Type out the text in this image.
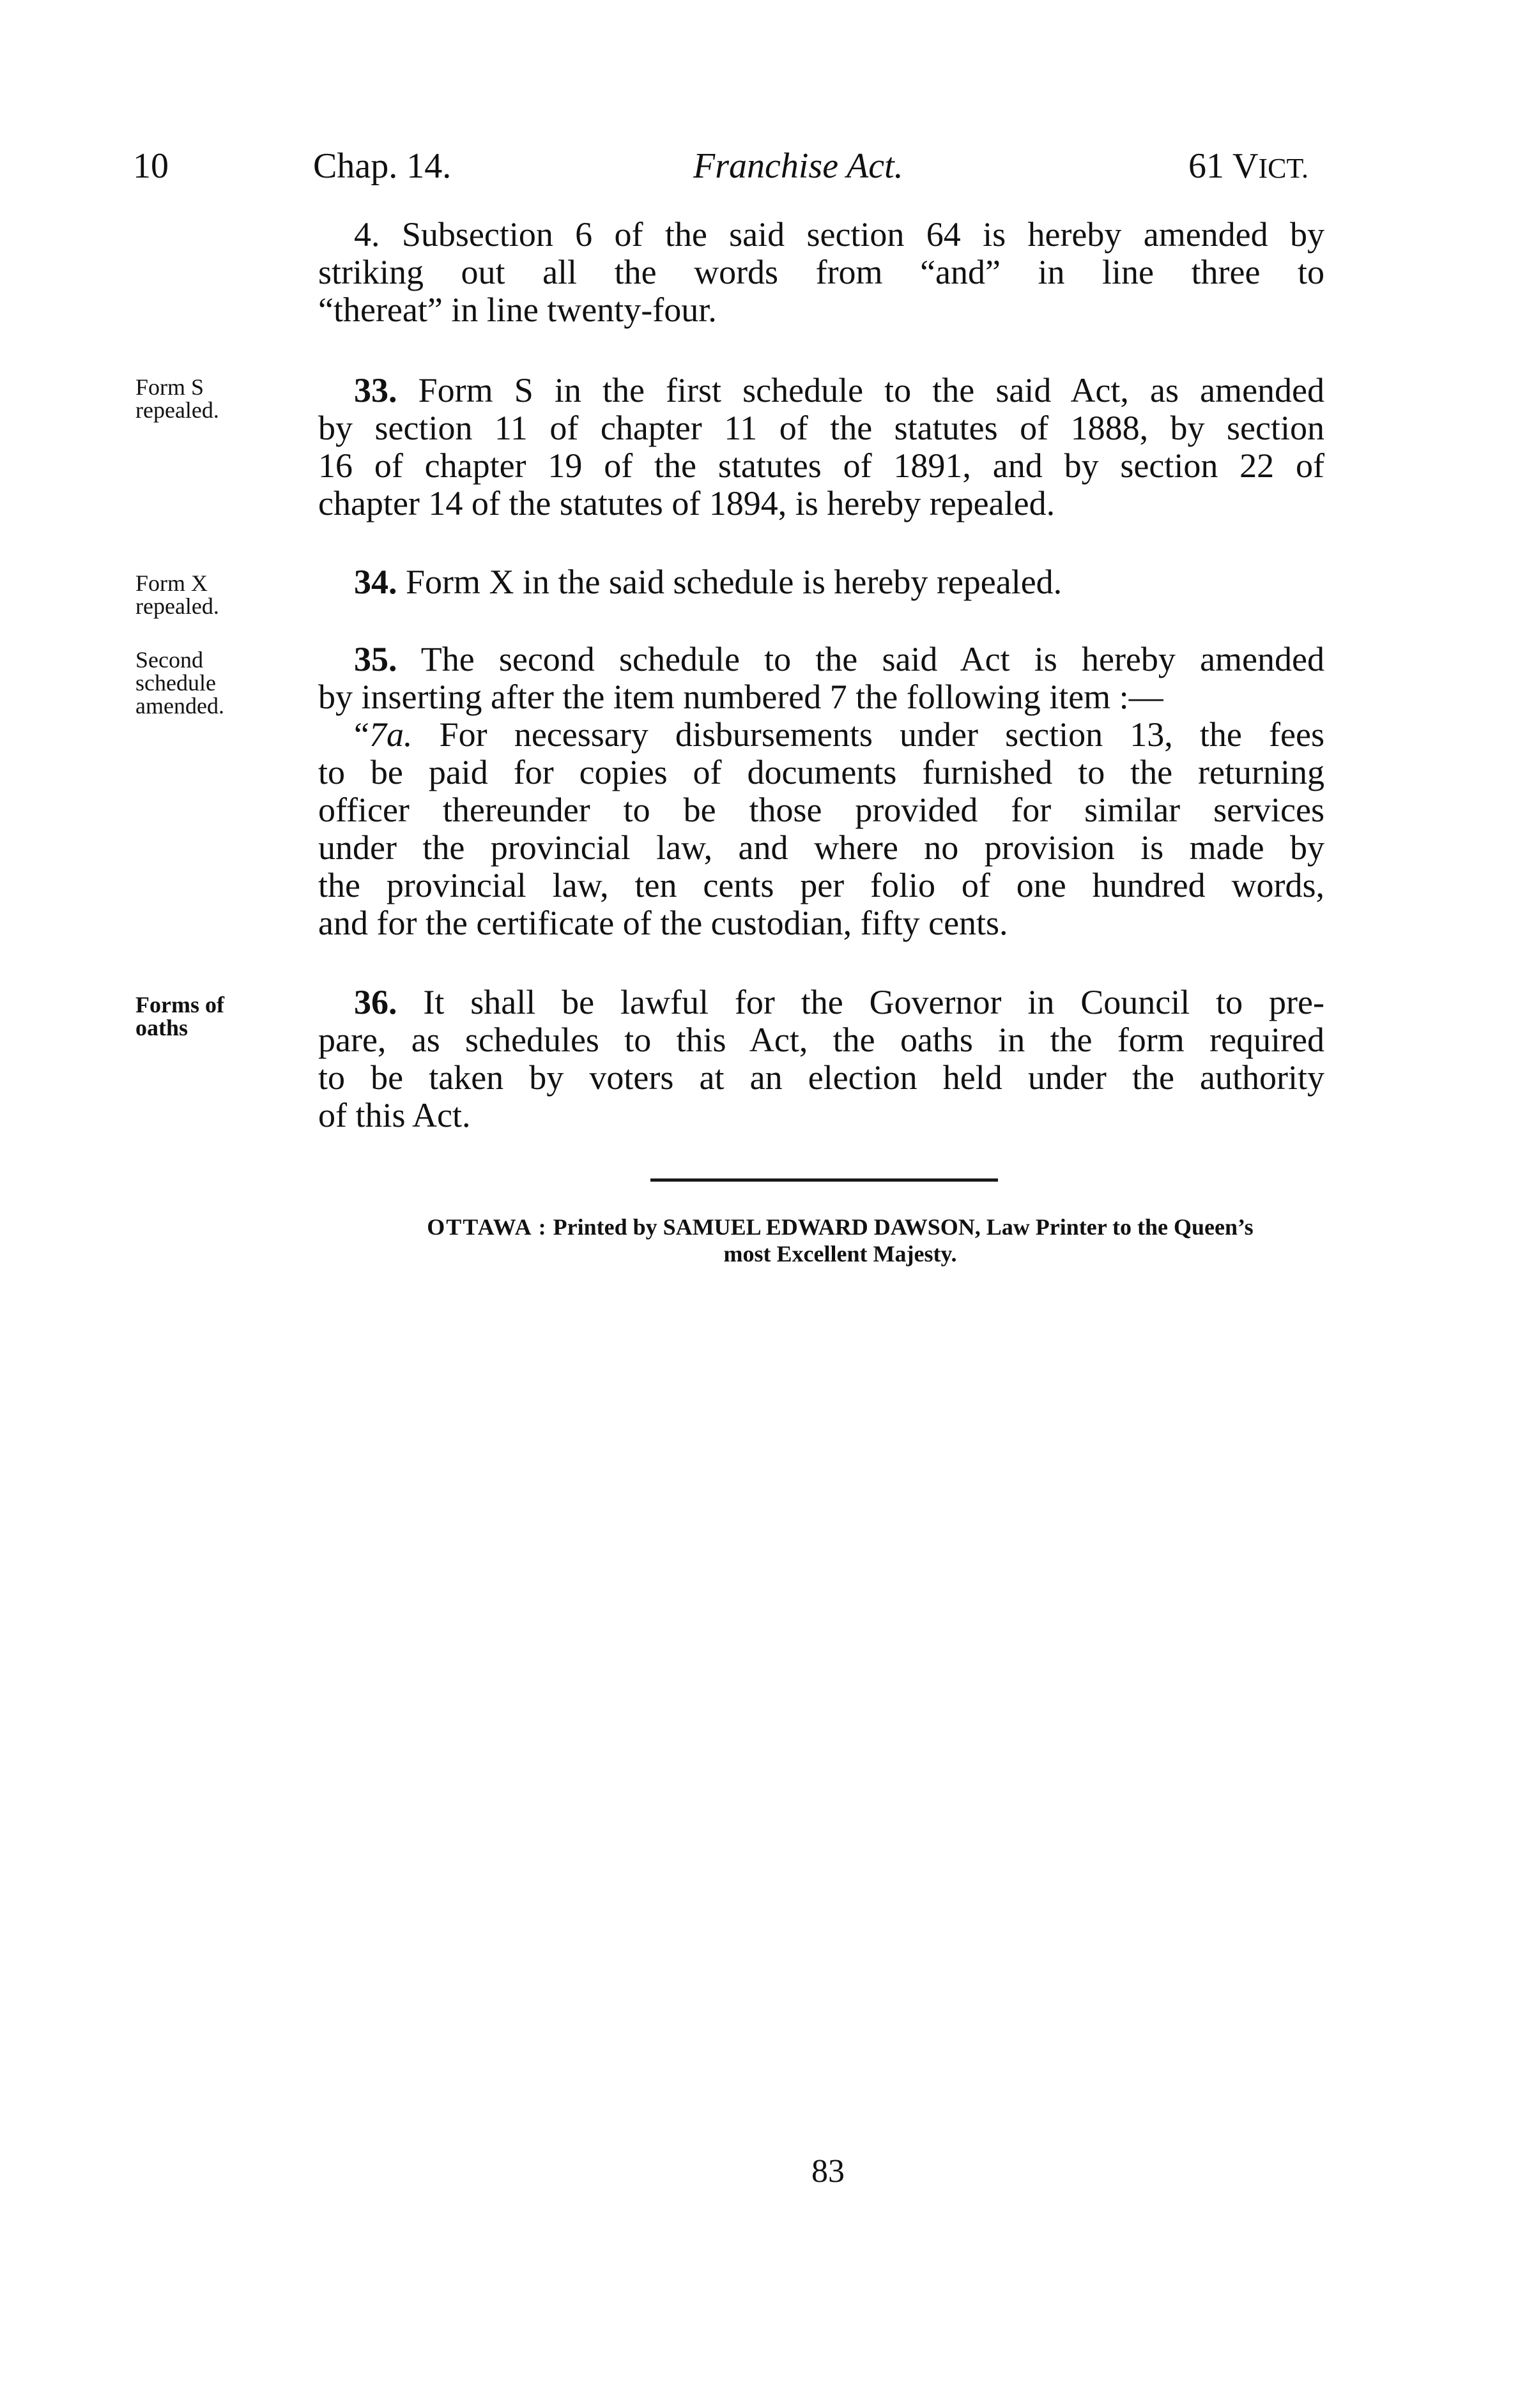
10	Chap. 14.	Franchise Act.	61 VICT.

4. Subsection 6 of the said section 64 is hereby amended by
striking out all the words from “and” in line three to
“thereat” in line twenty-four.

Form S
repealed.

33. Form S in the first schedule to the said Act, as amended
by section 11 of chapter 11 of the statutes of 1888, by section
16 of chapter 19 of the statutes of 1891, and by section 22 of
chapter 14 of the statutes of 1894, is hereby repealed.

Form X
repealed.

34. Form X in the said schedule is hereby repealed.

Second
schedule
amended.

35. The second schedule to the said Act is hereby amended
by inserting after the item numbered 7 the following item :—
“7a. For necessary disbursements under section 13, the fees
to be paid for copies of documents furnished to the returning
officer thereunder to be those provided for similar services
under the provincial law, and where no provision is made by
the provincial law, ten cents per folio of one hundred words,
and for the certificate of the custodian, fifty cents.

Forms of
oaths

36. It shall be lawful for the Governor in Council to pre-
pare, as schedules to this Act, the oaths in the form required
to be taken by voters at an election held under the authority
of this Act.

OTTAWA : Printed by SAMUEL EDWARD DAWSON, Law Printer to the Queen’s
most Excellent Majesty.

83
